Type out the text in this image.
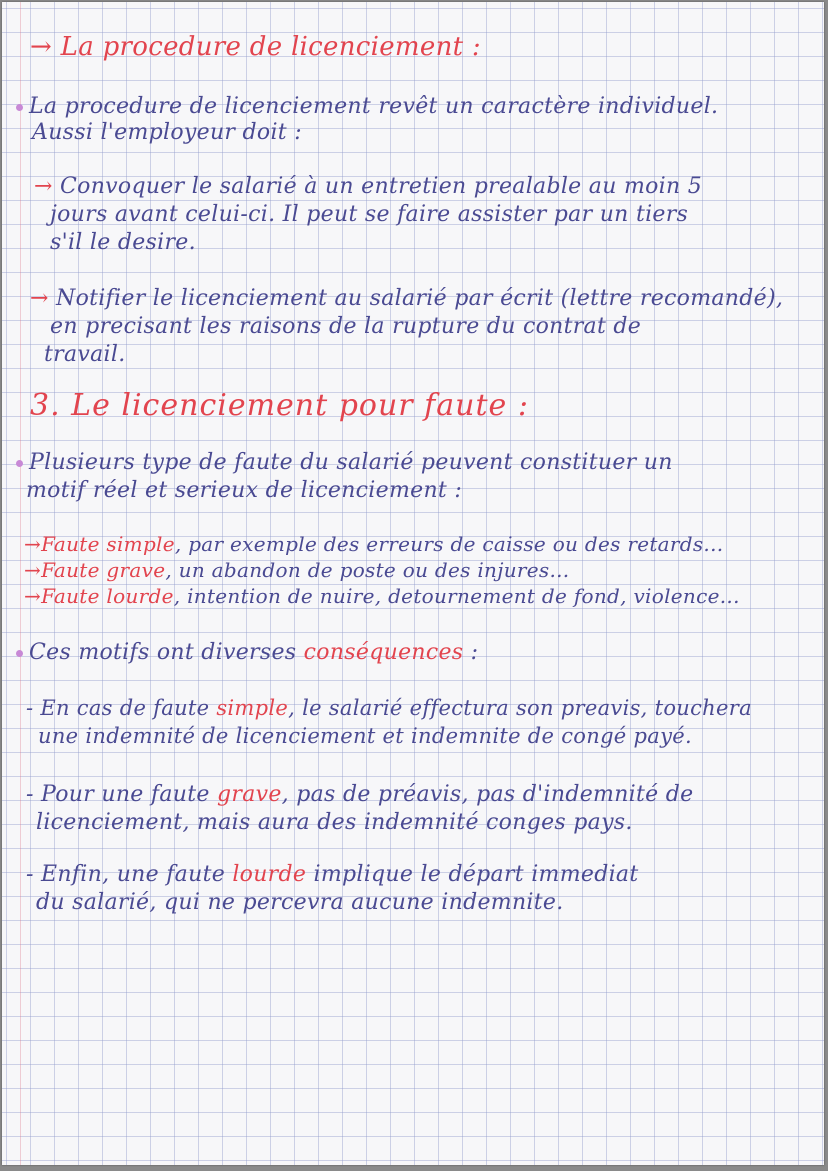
→ La procedure de licenciement :
La procedure de licenciement revêt un caractère individuel.
Aussi l'employeur doit :
→ Convoquer le salarié à un entretien prealable au moin 5
jours avant celui-ci. Il peut se faire assister par un tiers
s'il le desire.
→ Notifier le licenciement au salarié par écrit (lettre recomandé),
en precisant les raisons de la rupture du contrat de
travail.
3. Le licenciement pour faute :
Plusieurs type de faute du salarié peuvent constituer un
motif réel et serieux de licenciement :
→Faute simple, par exemple des erreurs de caisse ou des retards...
→Faute grave, un abandon de poste ou des injures...
→Faute lourde, intention de nuire, detournement de fond, violence...
Ces motifs ont diverses conséquences :
- En cas de faute simple, le salarié effectura son preavis, touchera
une indemnité de licenciement et indemnite de congé payé.
- Pour une faute grave, pas de préavis, pas d'indemnité de
licenciement, mais aura des indemnité conges pays.
- Enfin, une faute lourde implique le départ immediat
du salarié, qui ne percevra aucune indemnite.
